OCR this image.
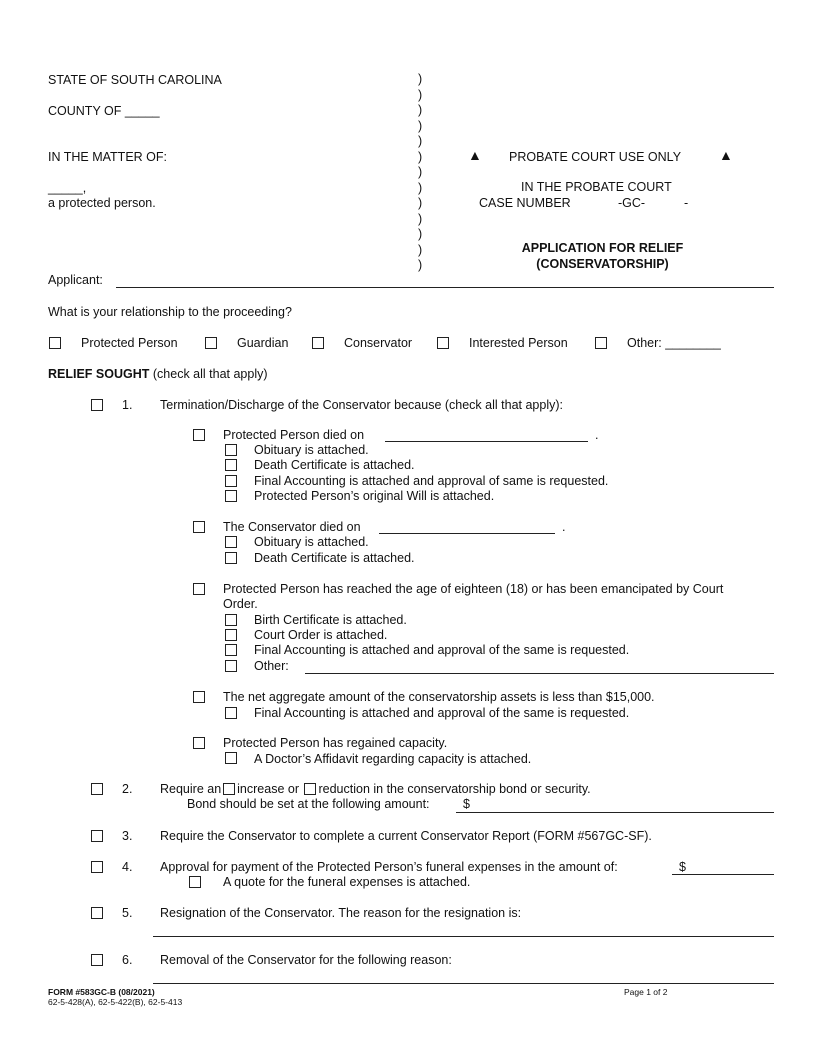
STATE OF SOUTH CAROLINA
COUNTY OF _____
IN THE MATTER OF:
_____,
a protected person.
)
)
)
)
)
)
)
)
)
)
)
)
)
▲ PROBATE COURT USE ONLY	▲
IN THE PROBATE COURT
CASE NUMBER	-GC-	-
APPLICATION FOR RELIEF
(CONSERVATORSHIP)
Applicant:
What is your relationship to the proceeding?
Protected Person	Guardian	Conservator	Interested Person	Other: ________
RELIEF SOUGHT (check all that apply)
1. Termination/Discharge of the Conservator because (check all that apply):
Protected Person died on	.
Obituary is attached.
Death Certificate is attached.
Final Accounting is attached and approval of same is requested.
Protected Person’s original Will is attached.
The Conservator died on	.
Obituary is attached.
Death Certificate is attached.
Protected Person has reached the age of eighteen (18) or has been emancipated by Court
Order.
Birth Certificate is attached.
Court Order is attached.
Final Accounting is attached and approval of the same is requested.
Other:
The net aggregate amount of the conservatorship assets is less than $15,000.
Final Accounting is attached and approval of the same is requested.
Protected Person has regained capacity.
A Doctor’s Affidavit regarding capacity is attached.
2. Require an increase or reduction in the conservatorship bond or security.
Bond should be set at the following amount:	$
3. Require the Conservator to complete a current Conservator Report (FORM #567GC-SF).
4. Approval for payment of the Protected Person’s funeral expenses in the amount of:	$
A quote for the funeral expenses is attached.
5. Resignation of the Conservator. The reason for the resignation is:
6. Removal of the Conservator for the following reason:
FORM #583GC-B (08/2021)
62-5-428(A), 62-5-422(B), 62-5-413
Page 1 of 2
